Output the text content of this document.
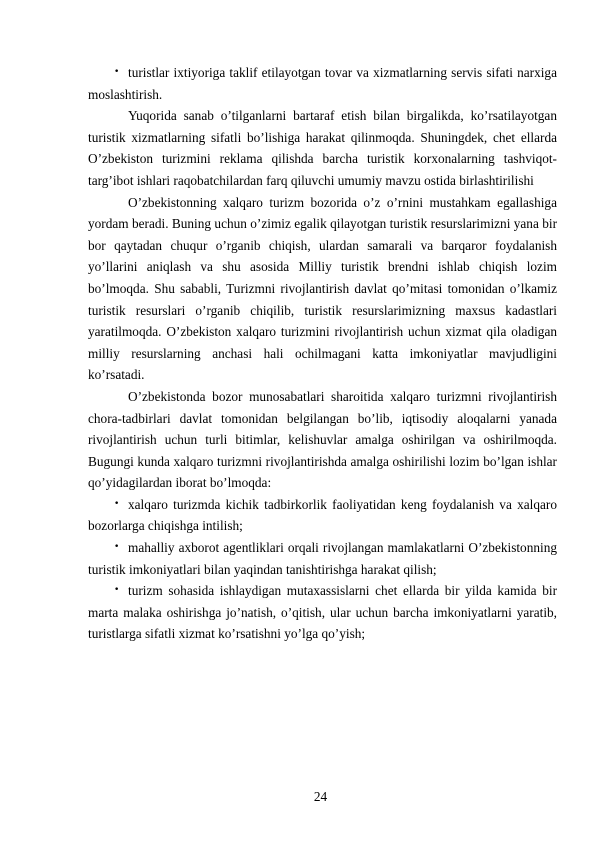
• turistlar ixtiyoriga taklif etilayotgan tovar va xizmatlarning servis sifati narxiga moslashtirish.

Yuqorida sanab o’tilganlarni bartaraf etish bilan birgalikda, ko’rsatilayotgan turistik xizmatlarning sifatli bo’lishiga harakat qilinmoqda. Shuningdek, chet ellarda O’zbekiston turizmini reklama qilishda barcha turistik korxonalarning tashviqot-targ’ibot ishlari raqobatchilardan farq qiluvchi umumiy mavzu ostida birlashtirilishi

O’zbekistonning xalqaro turizm bozorida o’z o’rnini mustahkam egallashiga yordam beradi. Buning uchun o’zimiz egalik qilayotgan turistik resurslarimizni yana bir bor qaytadan chuqur o’rganib chiqish, ulardan samarali va barqaror foydalanish yo’llarini aniqlash va shu asosida Milliy turistik brendni ishlab chiqish lozim bo’lmoqda. Shu sababli, Turizmni rivojlantirish davlat qo’mitasi tomonidan o’lkamiz turistik resurslari o’rganib chiqilib, turistik resurslarimizning maxsus kadastlari yaratilmoqda. O’zbekiston xalqaro turizmini rivojlantirish uchun xizmat qila oladigan milliy resurslarning anchasi hali ochilmagani katta imkoniyatlar mavjudligini ko’rsatadi.

O’zbekistonda bozor munosabatlari sharoitida xalqaro turizmni rivojlantirish chora-tadbirlari davlat tomonidan belgilangan bo’lib, iqtisodiy aloqalarni yanada rivojlantirish uchun turli bitimlar, kelishuvlar amalga oshirilgan va oshirilmoqda. Bugungi kunda xalqaro turizmni rivojlantirishda amalga oshirilishi lozim bo’lgan ishlar qo’yidagilardan iborat bo’lmoqda:

• xalqaro turizmda kichik tadbirkorlik faoliyatidan keng foydalanish va xalqaro bozorlarga chiqishga intilish;

• mahalliy axborot agentliklari orqali rivojlangan mamlakatlarni O’zbekistonning turistik imkoniyatlari bilan yaqindan tanishtirishga harakat qilish;

• turizm sohasida ishlaydigan mutaxassislarni chet ellarda bir yilda kamida bir marta malaka oshirishga jo’natish, o’qitish, ular uchun barcha imkoniyatlarni yaratib, turistlarga sifatli xizmat ko’rsatishni yo’lga qo’yish;

24
